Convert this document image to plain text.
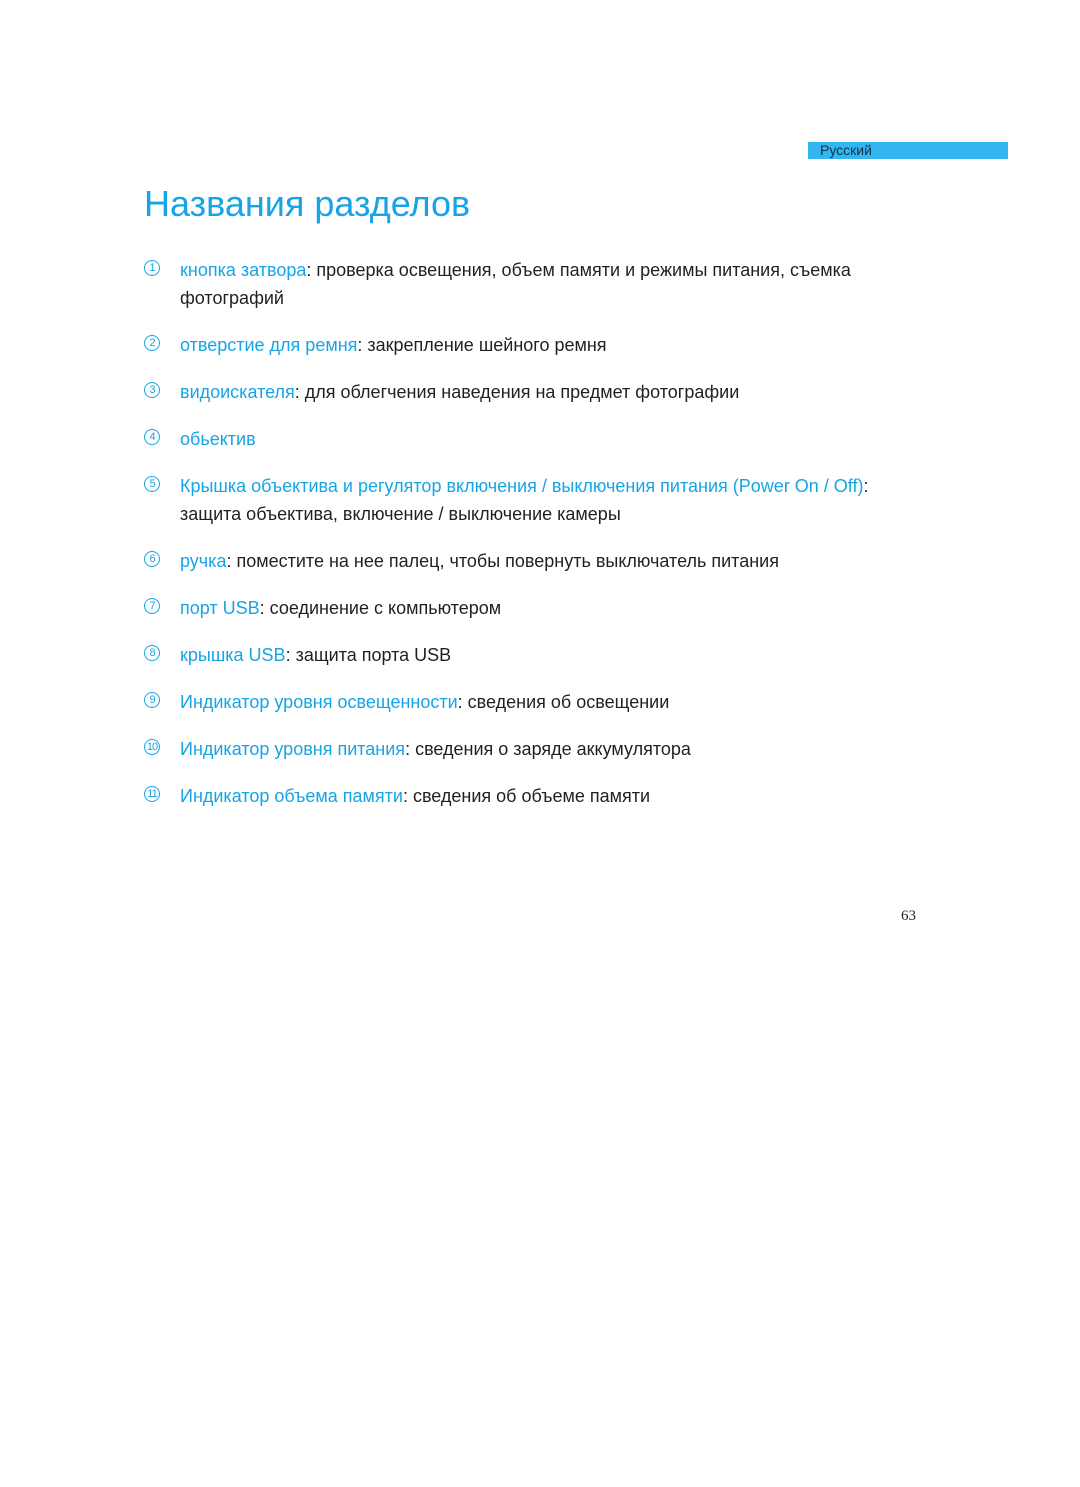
Русский
Названия разделов
1	кнопка затвора: проверка освещения, объем памяти и режимы питания, съемка фотографий
2	отверстие для ремня: закрепление шейного ремня
3	видоискателя: для облегчения наведения на предмет фотографии
4	обьектив
5	Крышка объектива и регулятор включения / выключения питания (Power On / Off): защита объектива, включение / выключение камеры
6	ручка: поместите на нее палец, чтобы повернуть выключатель питания
7	порт USB: соединение с компьютером
8	крышка USB: защита порта USB
9	Индикатор уровня освещенности: сведения об освещении
10 Индикатор уровня питания: сведения о заряде аккумулятора
11 Индикатор объема памяти: сведения об объеме памяти
63
